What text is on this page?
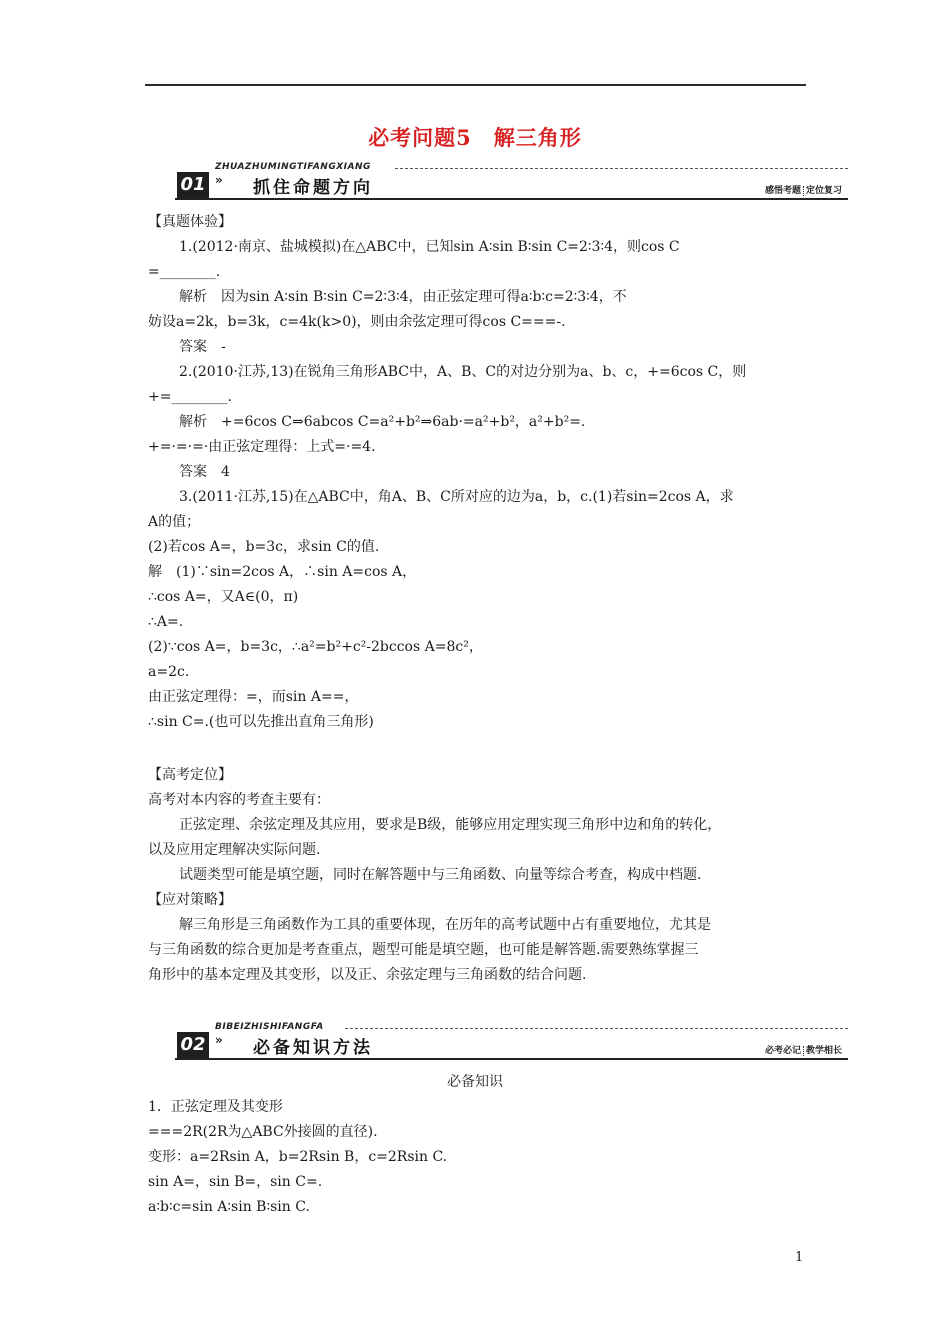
必考问题5　解三角形
ZHUAZHUMINGTIFANGXIANG
01 » 抓住命题方向	感悟考题 定位复习
【真题体验】
1.(2012·南京、盐城模拟)在△ABC中，已知sin A∶sin B∶sin C=2∶3∶4，则cos C
=________.
解析　因为sin A∶sin B∶sin C=2∶3∶4，由正弦定理可得a∶b∶c=2∶3∶4，不
妨设a=2k，b=3k，c=4k(k>0)，则由余弦定理可得cos C===-.
答案　-
2.(2010·江苏,13)在锐角三角形ABC中，A、B、C的对边分别为a、b、c，+=6cos C，则
+=________.
解析　+=6cos C⇒6abcos C=a²+b²⇒6ab·=a²+b²，a²+b²=.
+=·=·=·由正弦定理得：上式=·=4.
答案　4
3.(2011·江苏,15)在△ABC中，角A、B、C所对应的边为a，b，c.(1)若sin=2cos A，求
A的值；
(2)若cos A=，b=3c，求sin C的值.
解　(1)∵sin=2cos A，∴sin A=cos A，
∴cos A=，又A∈(0，π)
∴A=.
(2)∵cos A=，b=3c，∴a²=b²+c²-2bccos A=8c²，
a=2c.
由正弦定理得：=，而sin A==，
∴sin C=.(也可以先推出直角三角形)
【高考定位】
高考对本内容的考查主要有：
正弦定理、余弦定理及其应用，要求是B级，能够应用定理实现三角形中边和角的转化，
以及应用定理解决实际问题.
试题类型可能是填空题，同时在解答题中与三角函数、向量等综合考查，构成中档题.
【应对策略】
解三角形是三角函数作为工具的重要体现，在历年的高考试题中占有重要地位，尤其是
与三角函数的综合更加是考查重点，题型可能是填空题，也可能是解答题.需要熟练掌握三
角形中的基本定理及其变形，以及正、余弦定理与三角函数的结合问题.
BIBEIZHISHIFANGFA
02 » 必备知识方法	必考必记 教学相长
必备知识
1．正弦定理及其变形
===2R(2R为△ABC外接圆的直径).
变形：a=2Rsin A，b=2Rsin B，c=2Rsin C.
sin A=，sin B=，sin C=.
a∶b∶c=sin A∶sin B∶sin C.
1
